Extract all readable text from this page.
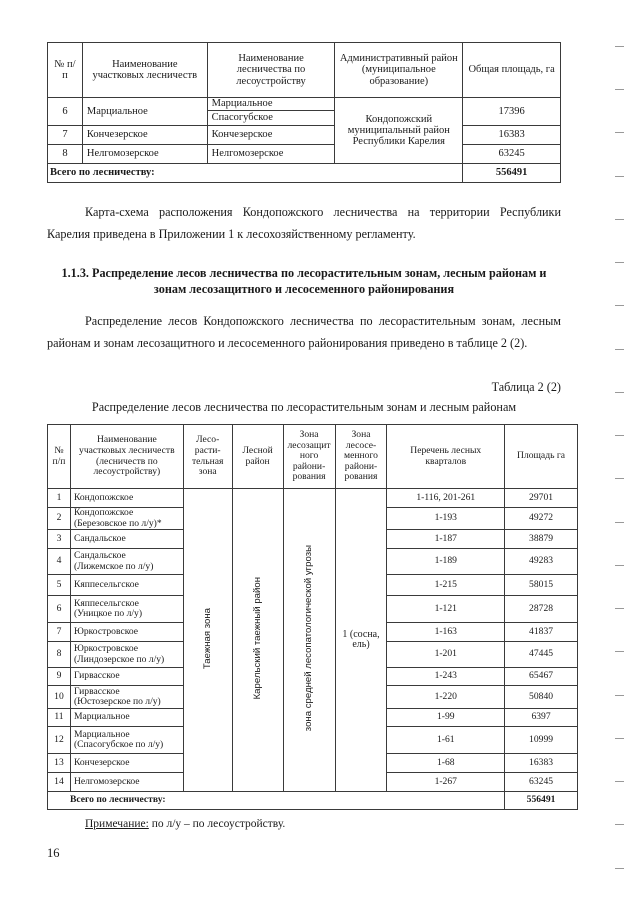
№ п/п	Наименование участковых лесничеств	Наименование лесничества по лесоустройству	Административный район (муниципальное образование)	Общая площадь, га
6	Марциальное	Марциальное	Кондопожский муниципальный район Республики Карелия	17396
		Спасогубское		
7	Кончезерское	Кончезерское		16383
8	Нелгомозерское	Нелгомозерское		63245
Всего по лесничеству:				556491
Карта-схема расположения Кондопожского лесничества на территории Республики Карелия приведена в Приложении 1 к лесохозяйственному регламенту.
1.1.3. Распределение лесов лесничества по лесорастительным зонам, лесным районам и зонам лесозащитного и лесосеменного районирования
Распределение лесов Кондопожского лесничества по лесорастительным зонам, лесным районам и зонам лесозащитного и лесосеменного районирования приведено в таблице 2 (2).
Таблица 2 (2)
Распределение лесов лесничества по лесорастительным зонам и лесным районам
№ п/п	Наименование участковых лесничеств (лесничеств по лесоустройству)	Лесо-расти-тельная зона	Лесной район	Зона лесозащит ного райони-рования	Зона лесосе-менного райони-рования	Перечень лесных кварталов	Площадь га
1	Кондопожское	Таежная зона	Карельский таежный район	зона средней лесопатологической угрозы	1 (сосна, ель)	1-116, 201-261	29701
2	Кондопожское
(Березовское по л/у)*					1-193	49272
3	Сандальское					1-187	38879
4	Сандальское
(Лижемское по л/у)					1-189	49283
5	Кяппесельгское					1-215	58015
6	Кяппесельгское
(Уницкое по л/у)					1-121	28728
7	Юркостровское					1-163	41837
8	Юркостровское
(Линдозерское по л/у)					1-201	47445
9	Гирвасское					1-243	65467
10	Гирвасское
(Юстозерское по л/у)					1-220	50840
11	Марциальное					1-99	6397
12	Марциальное
(Спасогубское по л/у)					1-61	10999
13	Кончезерское					1-68	16383
14	Нелгомозерское					1-267	63245
Всего по лесничеству:							556491
Примечание: по л/у – по лесоустройству.
16
